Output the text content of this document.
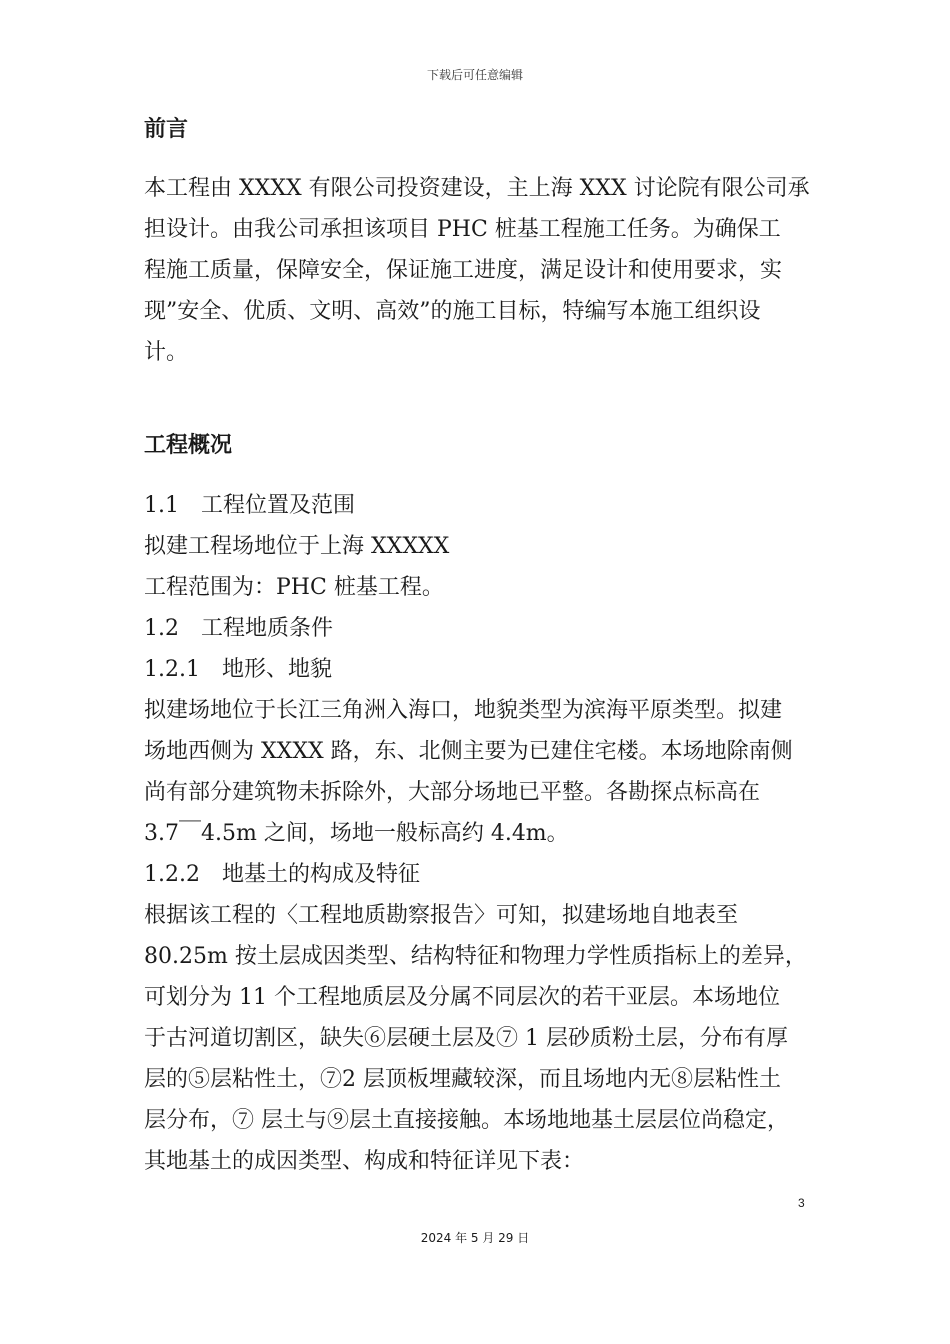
下载后可任意编辑
前言
本工程由 XXXX 有限公司投资建设，主上海 XXX 讨论院有限公司承
担设计。由我公司承担该项目 PHC 桩基工程施工任务。为确保工
程施工质量，保障安全，保证施工进度，满足设计和使用要求，实
现”安全、优质、文明、高效”的施工目标，特编写本施工组织设
计。
工程概况
1.1　工程位置及范围
拟建工程场地位于上海 XXXXX
工程范围为：PHC 桩基工程。
1.2　工程地质条件
1.2.1　地形、地貌
拟建场地位于长江三角洲入海口，地貌类型为滨海平原类型。拟建
场地西侧为 XXXX 路，东、北侧主要为已建住宅楼。本场地除南侧
尚有部分建筑物未拆除外，大部分场地已平整。各勘探点标高在
3.7￣4.5m 之间，场地一般标高约 4.4m。
1.2.2　地基土的构成及特征
根据该工程的〈工程地质勘察报告〉可知，拟建场地自地表至
80.25m 按土层成因类型、结构特征和物理力学性质指标上的差异，
可划分为 11 个工程地质层及分属不同层次的若干亚层。本场地位
于古河道切割区，缺失⑥层硬土层及⑦ 1 层砂质粉土层，分布有厚
层的⑤层粘性土，⑦2 层顶板埋藏较深，而且场地内无⑧层粘性土
层分布，⑦ 层土与⑨层土直接接触。本场地地基土层层位尚稳定，
其地基土的成因类型、构成和特征详见下表：
3
2024 年 5 月 29 日
